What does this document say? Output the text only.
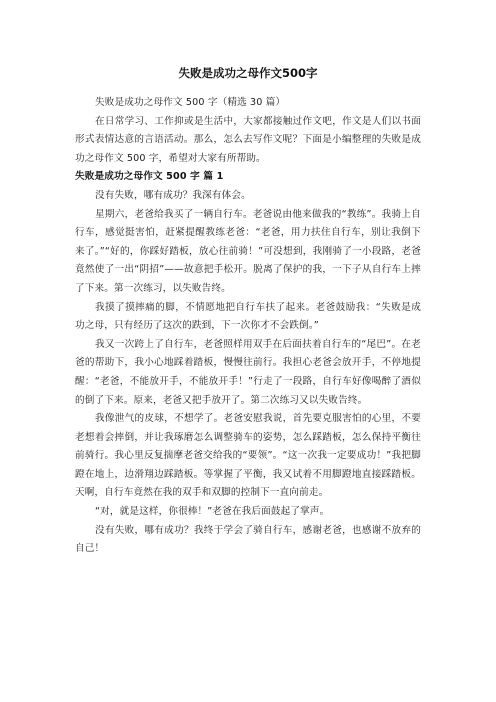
失败是成功之母作文500字

失败是成功之母作文 500 字（精选 30 篇）

在日常学习、工作抑或是生活中，大家都接触过作文吧，作文是人们以书面形式表情达意的言语活动。那么，怎么去写作文呢？下面是小编整理的失败是成功之母作文 500 字，希望对大家有所帮助。

失败是成功之母作文 500 字 篇 1

没有失败，哪有成功？我深有体会。

星期六，老爸给我买了一辆自行车。老爸说由他来做我的“教练”。我骑上自行车，感觉挺害怕，赶紧提醒教练老爸：“老爸，用力扶住自行车，别让我倒下来了。”“好的，你踩好踏板，放心往前骑！”可没想到，我刚骑了一小段路，老爸竟然使了一出“阴招”——故意把手松开。脱离了保护的我，一下子从自行车上摔了下来。第一次练习，以失败告终。

我摸了摸摔痛的脚，不情愿地把自行车扶了起来。老爸鼓励我：“失败是成功之母，只有经历了这次的跌到，下一次你才不会跌倒。”

我又一次跨上了自行车，老爸照样用双手在后面扶着自行车的“尾巴”。在老爸的帮助下，我小心地踩着踏板，慢慢往前行。我担心老爸会放开手，不停地提醒：“老爸，不能放开手，不能放开手！”行走了一段路，自行车好像喝醉了酒似的倒了下来。原来，老爸又把手放开了。第二次练习又以失败告终。

我像泄气的皮球，不想学了。老爸安慰我说，首先要克服害怕的心里，不要老想着会摔倒，并让我琢磨怎么调整骑车的姿势，怎么踩踏板，怎么保持平衡往前骑行。我心里反复揣摩老爸交给我的“要领”。“这一次我一定要成功！”我把脚蹬在地上，边滑翔边踩踏板。等掌握了平衡，我又试着不用脚蹬地直接踩踏板。天啊，自行车竟然在我的双手和双脚的控制下一直向前走。

“对，就是这样，你很棒！”老爸在我后面鼓起了掌声。

没有失败，哪有成功？我终于学会了骑自行车，感谢老爸，也感谢不放弃的自己！
